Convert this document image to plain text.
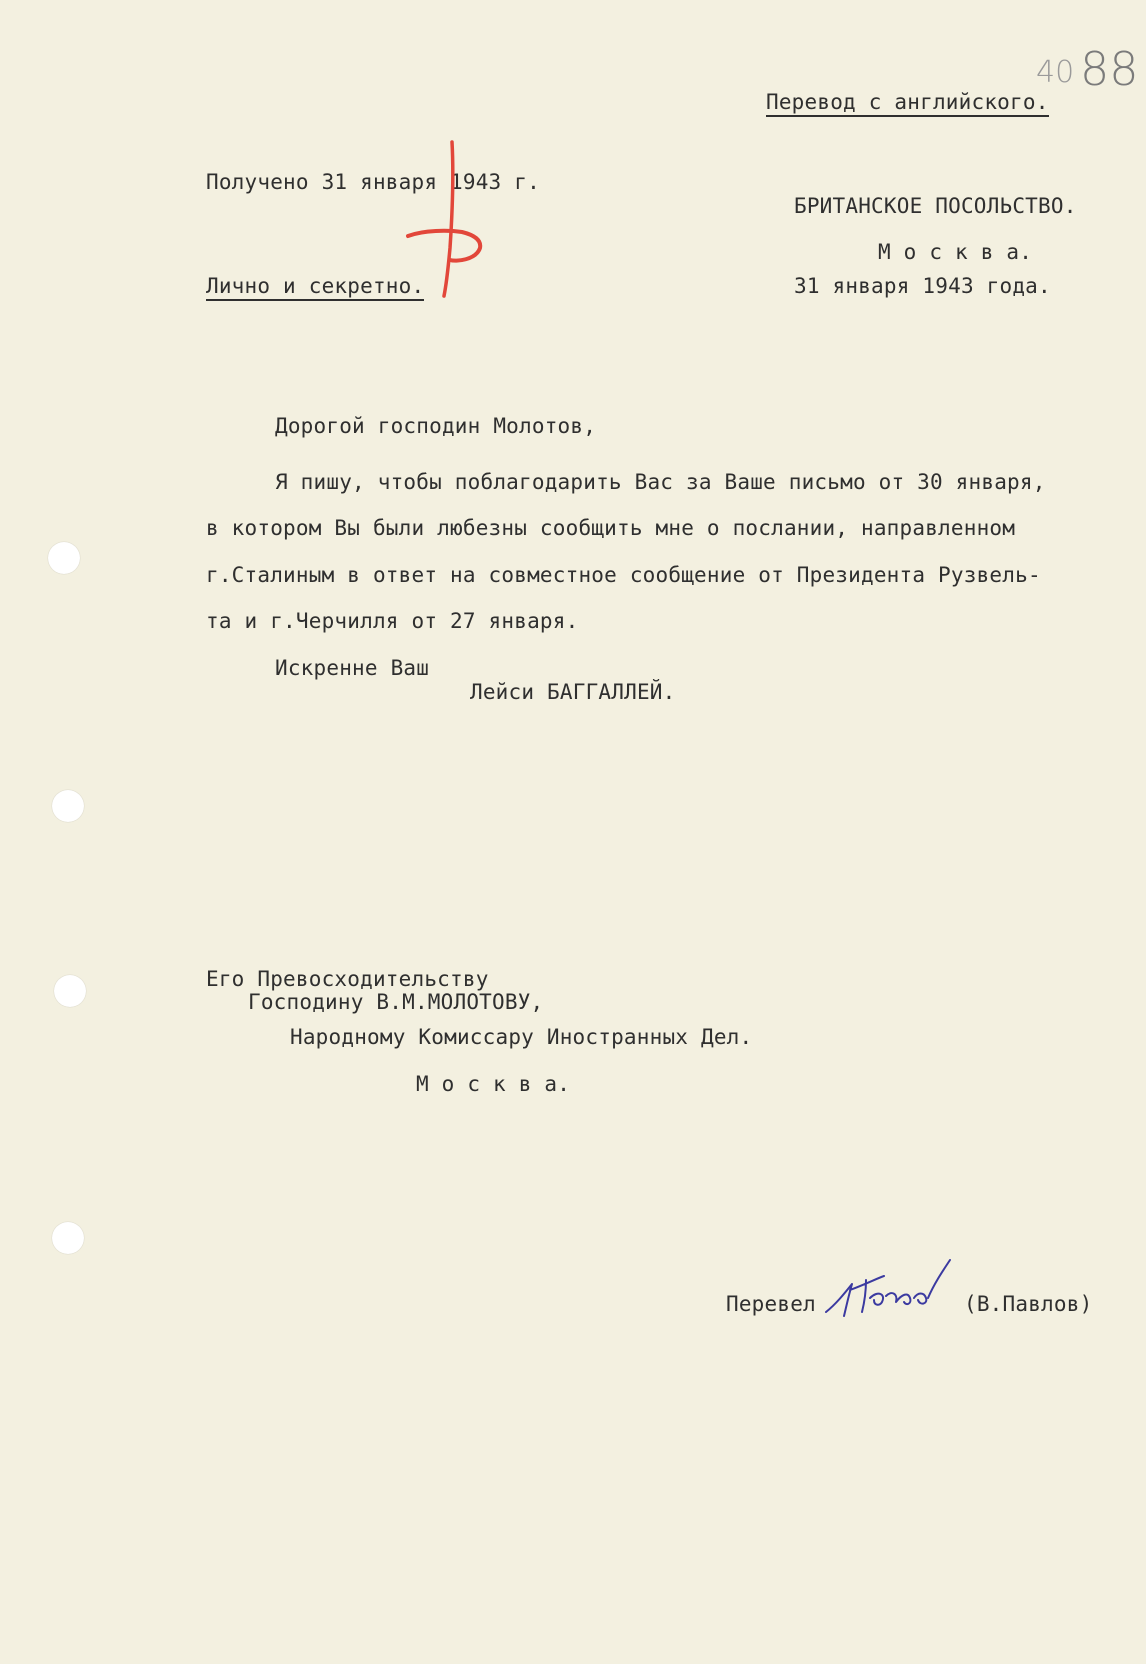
40 88
Перевод с английского.
Получено 31 января 1943 г.
БРИТАНСКОЕ ПОСОЛЬСТВО.
М о с к в а.
31 января 1943 года.
Лично и секретно.
Дорогой господин Молотов,
Я пишу, чтобы поблагодарить Вас за Ваше письмо от 30 января,
в котором Вы были любезны сообщить мне о послании, направленном
г.Сталиным в ответ на совместное сообщение от Президента Рузвель-
та и г.Черчилля от 27 января.
Искренне Ваш
Лейси БАГГАЛЛЕЙ.
Его Превосходительству
Господину В.М.МОЛОТОВУ,
Народному Комиссару Иностранных Дел.
М о с к в а.
Перевел	(В.Павлов)
